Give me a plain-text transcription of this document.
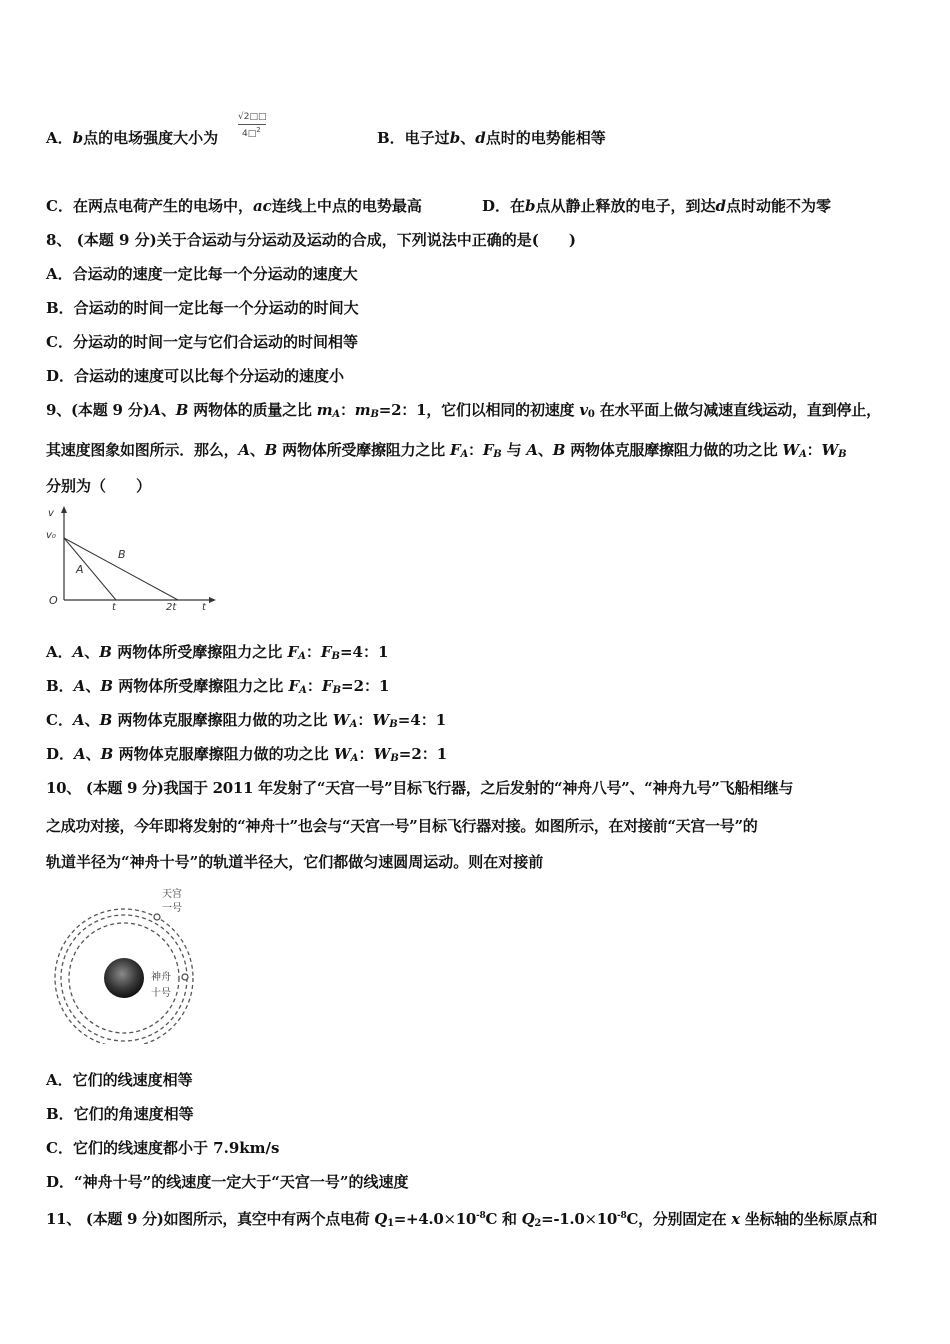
A．b点的电场强度大小为
√2□□
4□$^2$	B．电子过b、d点时的电势能相等
C．在两点电荷产生的电场中，ac连线上中点的电势最高	D．在b点从静止释放的电子，到达d点时动能不为零
8、 (本题 9 分)关于合运动与分运动及运动的合成，下列说法中正确的是(　　)
A．合运动的速度一定比每一个分运动的速度大
B．合运动的时间一定比每一个分运动的时间大
C．分运动的时间一定与它们合运动的时间相等
D．合运动的速度可以比每个分运动的速度小
9、(本题 9 分)A、B 两物体的质量之比 $m_A$：$m_B=2$：1，它们以相同的初速度 $v_0$ 在水平面上做匀减速直线运动，直到停止，
其速度图象如图所示．那么，A、B 两物体所受摩擦阻力之比 $F_A$：$F_B$ 与 A、B 两物体克服摩擦阻力做的功之比 $W_A$：$W_B$
分别为（　　）
v
v₀
B
A
O
t	2t	t
A．A、B 两物体所受摩擦阻力之比 $F_A$：$F_B=4$：1
B．A、B 两物体所受摩擦阻力之比 $F_A$：$F_B=2$：1
C．A、B 两物体克服摩擦阻力做的功之比 $W_A$：$W_B=4$：1
D．A、B 两物体克服摩擦阻力做的功之比 $W_A$：$W_B=2$：1
10、 (本题 9 分)我国于 2011 年发射了“天宫一号”目标飞行器，之后发射的“神舟八号”、“神舟九号”飞船相继与
之成功对接，今年即将发射的“神舟十”也会与“天宫一号”目标飞行器对接。如图所示，在对接前“天宫一号”的
轨道半径为“神舟十号”的轨道半径大，它们都做匀速圆周运动。则在对接前
天宫
一号
神舟
十号
A．它们的线速度相等
B．它们的角速度相等
C．它们的线速度都小于 7.9km/s
D．“神舟十号”的线速度一定大于“天宫一号”的线速度
11、 (本题 9 分)如图所示，真空中有两个点电荷 $Q_1=+4.0\times 10^{-8}C$ 和 $Q_2=-1.0\times 10^{-8}C$，分别固定在 x 坐标轴的坐标原点和
